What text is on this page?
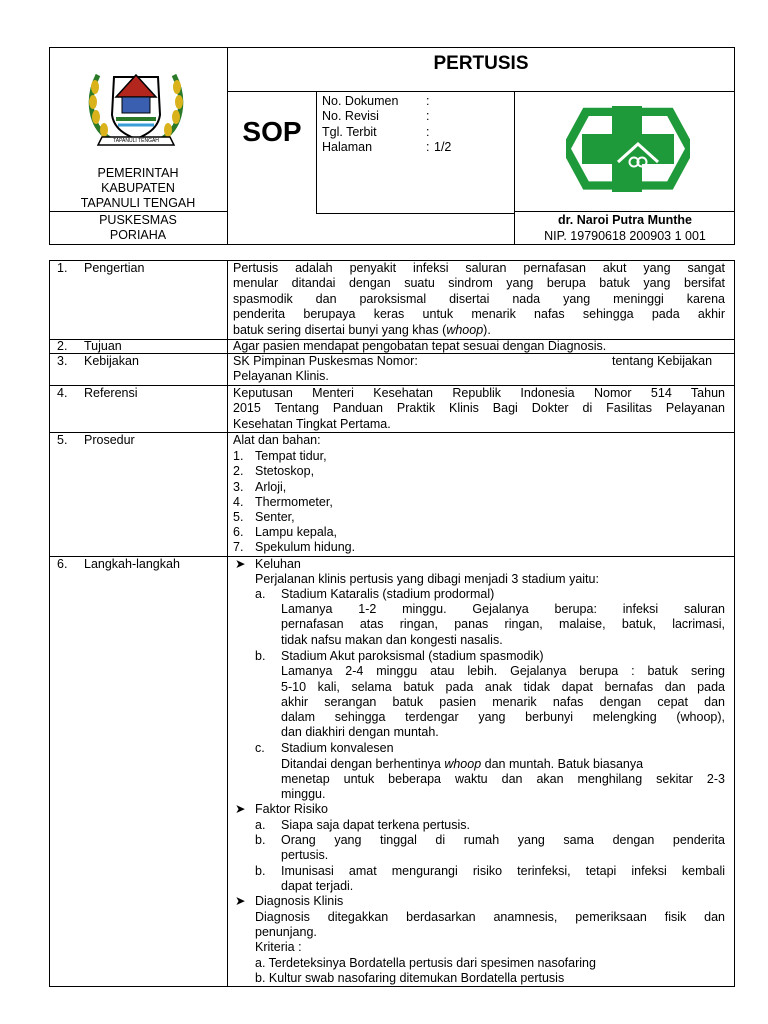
PERTUSIS
SOP
TAPANULI TENGAH
PEMERINTAH
KABUPATEN
TAPANULI TENGAH
PUSKESMAS
PORIAHA
No. Dokumen :
No. Revisi	:
Tgl. Terbit	:
Halaman	: 1/2
dr. Naroi Putra Munthe
NIP. 19790618 200903 1 001
1. Pengertian	Pertusis adalah penyakit infeksi saluran pernafasan akut yang sangat
menular ditandai dengan suatu sindrom yang berupa batuk yang bersifat
spasmodik dan paroksismal disertai nada yang meninggi karena
penderita berupaya keras untuk menarik nafas sehingga pada akhir
batuk sering disertai bunyi yang khas (whoop).
2. Tujuan	Agar pasien mendapat pengobatan tepat sesuai dengan Diagnosis.
3. Kebijakan	SK Pimpinan Puskesmas Nomor:	tentang Kebijakan
Pelayanan Klinis.
4. Referensi	Keputusan Menteri Kesehatan Republik Indonesia Nomor 514 Tahun
2015 Tentang Panduan Praktik Klinis Bagi Dokter di Fasilitas Pelayanan
Kesehatan Tingkat Pertama.
5. Prosedur	Alat dan bahan:
1. Tempat tidur,
2. Stetoskop,
3. Arloji,
4. Thermometer,
5. Senter,
6. Lampu kepala,
7. Spekulum hidung.
6. Langkah-langkah	➤ Keluhan
Perjalanan klinis pertusis yang dibagi menjadi 3 stadium yaitu:
a. Stadium Kataralis (stadium prodormal)
Lamanya 1-2 minggu. Gejalanya berupa: infeksi saluran
pernafasan atas ringan, panas ringan, malaise, batuk, lacrimasi,
tidak nafsu makan dan kongesti nasalis.
b. Stadium Akut paroksismal (stadium spasmodik)
Lamanya 2-4 minggu atau lebih. Gejalanya berupa : batuk sering
5-10 kali, selama batuk pada anak tidak dapat bernafas dan pada
akhir serangan batuk pasien menarik nafas dengan cepat dan
dalam sehingga terdengar yang berbunyi melengking (whoop),
dan diakhiri dengan muntah.
c. Stadium konvalesen
Ditandai dengan berhentinya whoop dan muntah. Batuk biasanya
menetap untuk beberapa waktu dan akan menghilang sekitar 2-3
minggu.
➤ Faktor Risiko
a. Siapa saja dapat terkena pertusis.
b. Orang yang tinggal di rumah yang sama dengan penderita
pertusis.
b. Imunisasi amat mengurangi risiko terinfeksi, tetapi infeksi kembali
dapat terjadi.
➤ Diagnosis Klinis
Diagnosis ditegakkan berdasarkan anamnesis, pemeriksaan fisik dan
penunjang.
Kriteria :
a. Terdeteksinya Bordatella pertusis dari spesimen nasofaring
b. Kultur swab nasofaring ditemukan Bordatella pertusis
